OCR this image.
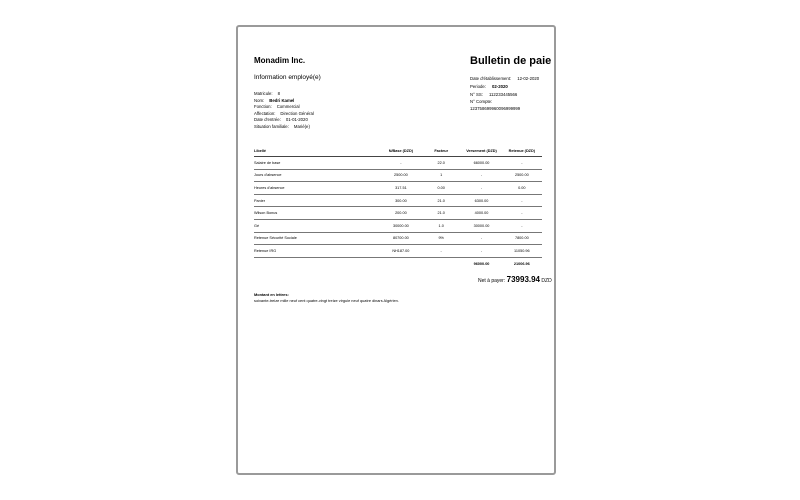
Monadim Inc.	Bulletin de paie
Information employé(e)
Matricule: 8
Nom: Bedri Kamel
Fonction: Commercial
Affectation: Direction Général
Date d'entrée: 01-01-2020
Situation familiale: Marié(e)
Date d'établissement: 12-02-2020
Periode: 02-2020
N° SS: 112233445566
N° Compte:
123758699960096999999
Libellé	N/Base (DZD)	Facteur	Versement (DZD)	Retenue (DZD)
Salaire de base	-	22.0	66000.00	-
Jours d'absence	2500.00	1	-	2500.00
Heures d'absence	317.51	0.00	-	0.00
Panier	300.00	21.0	6300.00	-
Wilson Bonus	200.00	21.0	4000.00	-
Gé	30000.00	1.0	30000.00	-
Retenue Sécurité Sociale	80700.00	9%	-	7800.00
Retenue IRG	NH187.00	-	-	11050.96
			96000.00	21006.96
Net à payer: 73993.94 DZD
Montant en lettres:
soixante-treize mille neuf cent quatre-vingt treize virgule neuf quatre dinars Algérien.
